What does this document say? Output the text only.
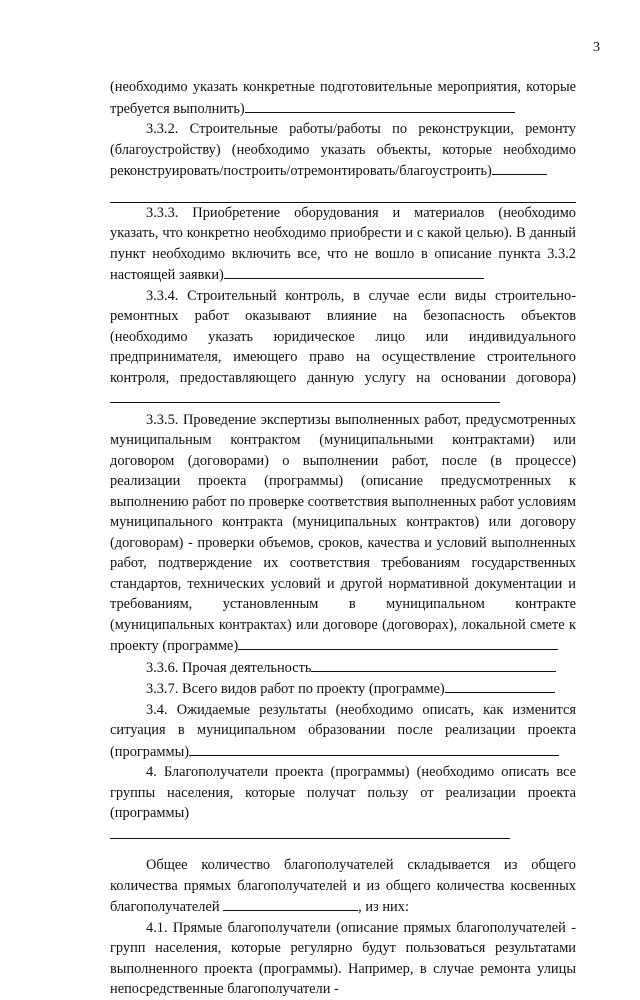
3

(необходимо указать конкретные подготовительные мероприятия, которые требуется выполнить)

3.3.2. Строительные работы/работы по реконструкции, ремонту (благоустройству) (необходимо указать объекты, которые необходимо реконструировать/построить/отремонтировать/благоустроить)

3.3.3. Приобретение оборудования и материалов (необходимо указать, что конкретно необходимо приобрести и с какой целью). В данный пункт необходимо включить все, что не вошло в описание пункта 3.3.2 настоящей заявки)

3.3.4. Строительный контроль, в случае если виды строительно-ремонтных работ оказывают влияние на безопасность объектов (необходимо указать юридическое лицо или индивидуального предпринимателя, имеющего право на осуществление строительного контроля, предоставляющего данную услугу на основании договора)

3.3.5. Проведение экспертизы выполненных работ, предусмотренных муниципальным контрактом (муниципальными контрактами) или договором (договорами) о выполнении работ, после (в процессе) реализации проекта (программы) (описание предусмотренных к выполнению работ по проверке соответствия выполненных работ условиям муниципального контракта (муниципальных контрактов) или договору (договорам) - проверки объемов, сроков, качества и условий выполненных работ, подтверждение их соответствия требованиям государственных стандартов, технических условий и другой нормативной документации и требованиям, установленным в муниципальном контракте (муниципальных контрактах) или договоре (договорах), локальной смете к проекту (программе)

3.3.6. Прочая деятельность

3.3.7. Всего видов работ по проекту (программе)

3.4. Ожидаемые результаты (необходимо описать, как изменится ситуация в муниципальном образовании после реализации проекта (программы)

4. Благополучатели проекта (программы) (необходимо описать все группы населения, которые получат пользу от реализации проекта (программы)

Общее количество благополучателей складывается из общего количества прямых благополучателей и из общего количества косвенных благополучателей	, из них:

4.1. Прямые благополучатели (описание прямых благополучателей - групп населения, которые регулярно будут пользоваться результатами выполненного проекта (программы). Например, в случае ремонта улицы непосредственные благополучатели -
